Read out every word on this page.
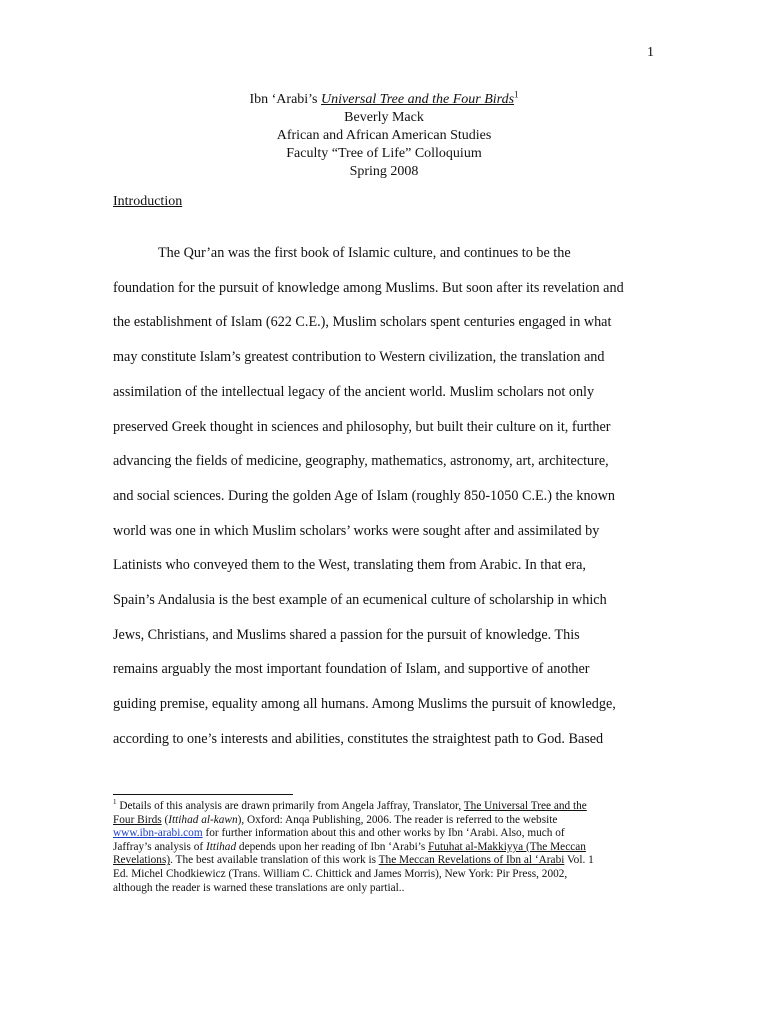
1
Ibn ‘Arabi’s Universal Tree and the Four Birds$^1$
Beverly Mack
African and African American Studies
Faculty “Tree of Life” Colloquium
Spring 2008
Introduction
The Qur’an was the first book of Islamic culture, and continues to be the
foundation for the pursuit of knowledge among Muslims. But soon after its revelation and
the establishment of Islam (622 C.E.), Muslim scholars spent centuries engaged in what
may constitute Islam’s greatest contribution to Western civilization, the translation and
assimilation of the intellectual legacy of the ancient world. Muslim scholars not only
preserved Greek thought in sciences and philosophy, but built their culture on it, further
advancing the fields of medicine, geography, mathematics, astronomy, art, architecture,
and social sciences. During the golden Age of Islam (roughly 850-1050 C.E.) the known
world was one in which Muslim scholars’ works were sought after and assimilated by
Latinists who conveyed them to the West, translating them from Arabic. In that era,
Spain’s Andalusia is the best example of an ecumenical culture of scholarship in which
Jews, Christians, and Muslims shared a passion for the pursuit of knowledge. This
remains arguably the most important foundation of Islam, and supportive of another
guiding premise, equality among all humans. Among Muslims the pursuit of knowledge,
according to one’s interests and abilities, constitutes the straightest path to God. Based
$^1$ Details of this analysis are drawn primarily from Angela Jaffray, Translator, The Universal Tree and the
Four Birds (Ittihad al-kawn), Oxford: Anqa Publishing, 2006. The reader is referred to the website
www.ibn-arabi.com for further information about this and other works by Ibn ‘Arabi. Also, much of
Jaffray’s analysis of Ittihad depends upon her reading of Ibn ‘Arabi’s Futuhat al-Makkiyya (The Meccan
Revelations). The best available translation of this work is The Meccan Revelations of Ibn al ‘Arabi Vol. 1
Ed. Michel Chodkiewicz (Trans. William C. Chittick and James Morris), New York: Pir Press, 2002,
although the reader is warned these translations are only partial..
